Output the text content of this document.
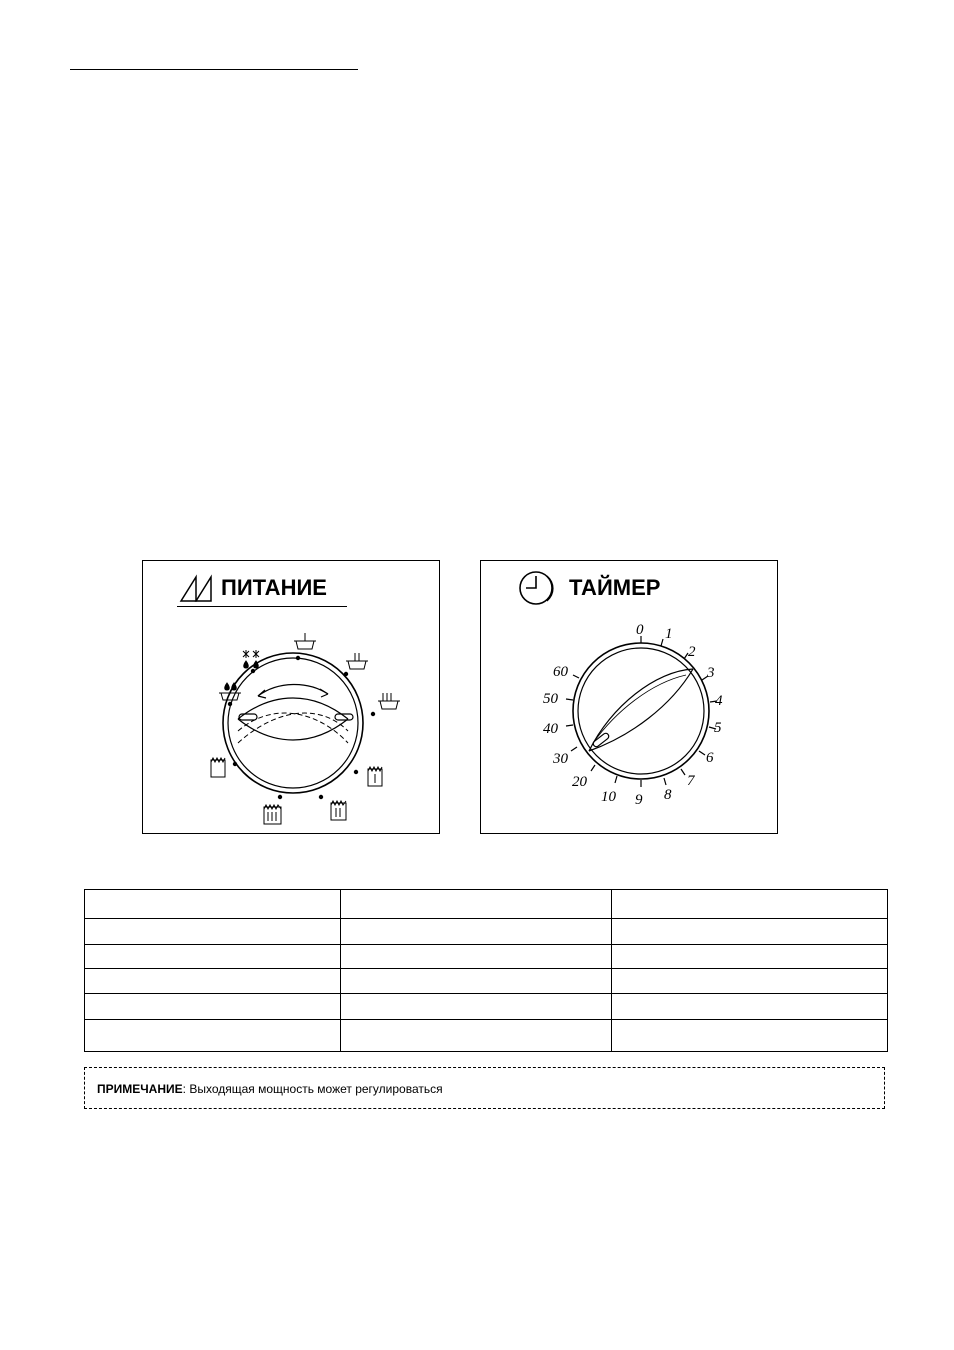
ПИТАНИЕ	ТАЙМЕР
0 1
2
3
4
5
6
7
8
9
10
20
30
40
50
60

ПРИМЕЧАНИЕ: Выходящая мощность может регулироваться
